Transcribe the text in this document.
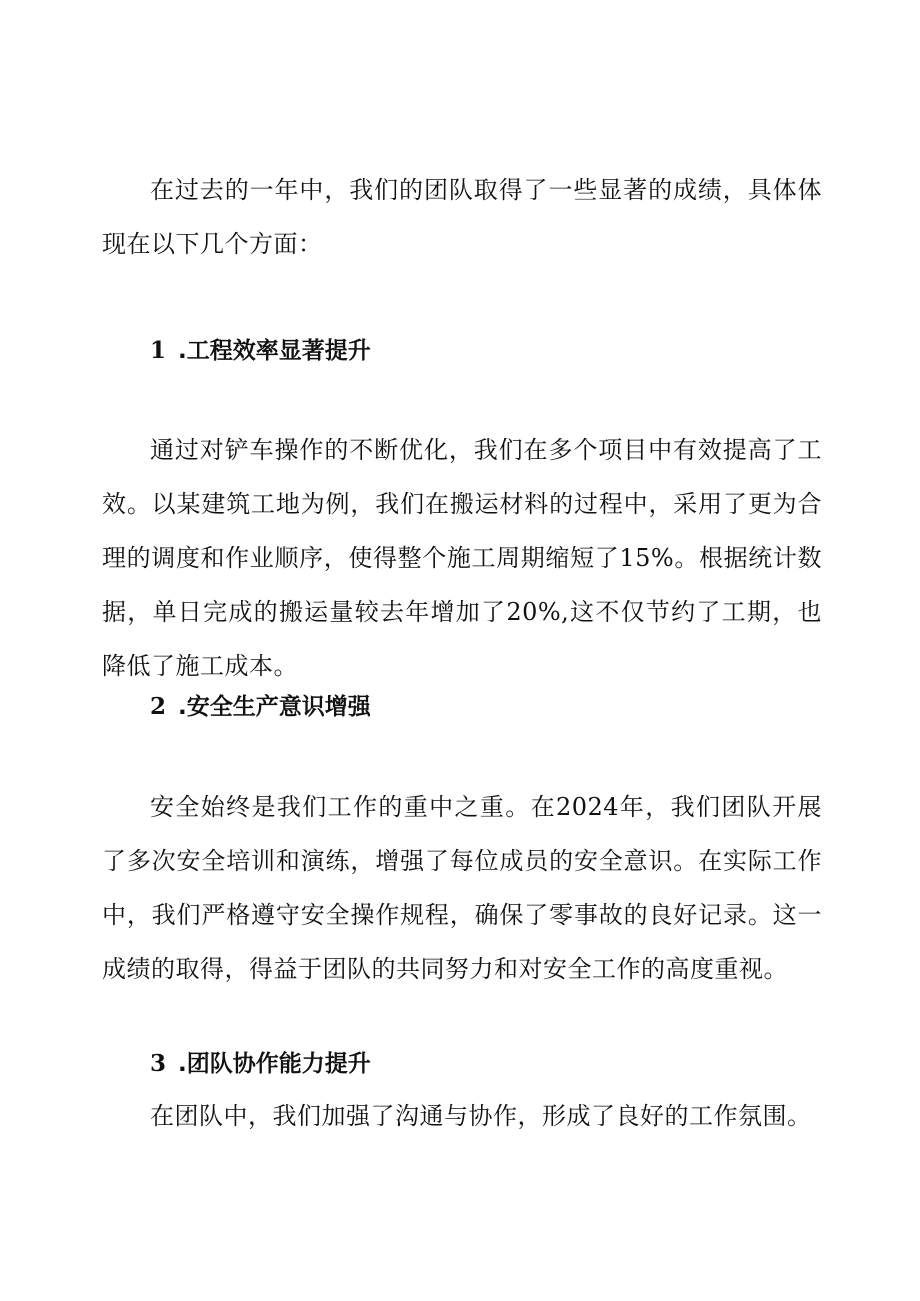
在过去的一年中，我们的团队取得了一些显著的成绩，具体体现在以下几个方面：

1 .工程效率显著提升

通过对铲车操作的不断优化，我们在多个项目中有效提高了工效。以某建筑工地为例，我们在搬运材料的过程中，采用了更为合理的调度和作业顺序，使得整个施工周期缩短了15%。根据统计数据，单日完成的搬运量较去年增加了20%,这不仅节约了工期，也降低了施工成本。

2 .安全生产意识增强

安全始终是我们工作的重中之重。在2024年，我们团队开展了多次安全培训和演练，增强了每位成员的安全意识。在实际工作中，我们严格遵守安全操作规程，确保了零事故的良好记录。这一成绩的取得，得益于团队的共同努力和对安全工作的高度重视。

3 .团队协作能力提升

在团队中，我们加强了沟通与协作，形成了良好的工作氛围。
